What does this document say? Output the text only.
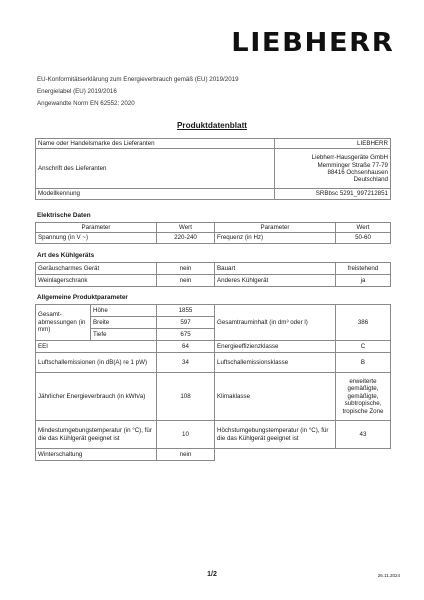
LIEBHERR
EU-Konformitätserklärung zum Energieverbrauch gemäß (EU) 2019/2019
Energielabel (EU) 2019/2016
Angewandte Norm EN 62552: 2020
Produktdatenblatt
Name oder Handelsmarke des Lieferanten	LIEBHERR
Anschrift des Lieferanten	Liebherr-Hausgeräte GmbH
Memminger Straße 77-79
88416 Ochsenhausen
Deutschland

Modellkennung	SRBbsc 5291_997212851
Elektrische Daten
Parameter	Wert	Parameter	Wert
Spannung (in V ~)	220-240	Frequenz (in Hz)	50-60
Art des Kühlgeräts
Geräuscharmes Gerät	nein	Bauart	freistehend
Weinlagerschrank	nein	Anderes Kühlgerät	ja
Allgemeine Produktparameter
Gesamt-abmessungen (in mm)	Höhe	1855	Gesamtrauminhalt (in dm³ oder l)	386
	Breite	597		
	Tiefe	675		
EEI		64	Energieeffizienzklasse	C
Luftschallemissionen (in dB(A) re 1 pW)		34	Luftschallemissionsklasse	B
Jährlicher Energieverbrauch (in kWh/a)		108	Klimaklasse	erweiterte gemäßigte, gemäßigte, subtropische, tropische Zone
Mindestumgebungstemperatur (in °C), für die das Kühlgerät geeignet ist		10	Höchstumgebungstemperatur (in °C), für die das Kühlgerät geeignet ist	43
Winterschaltung		nein		
1/2	26.11.2024
